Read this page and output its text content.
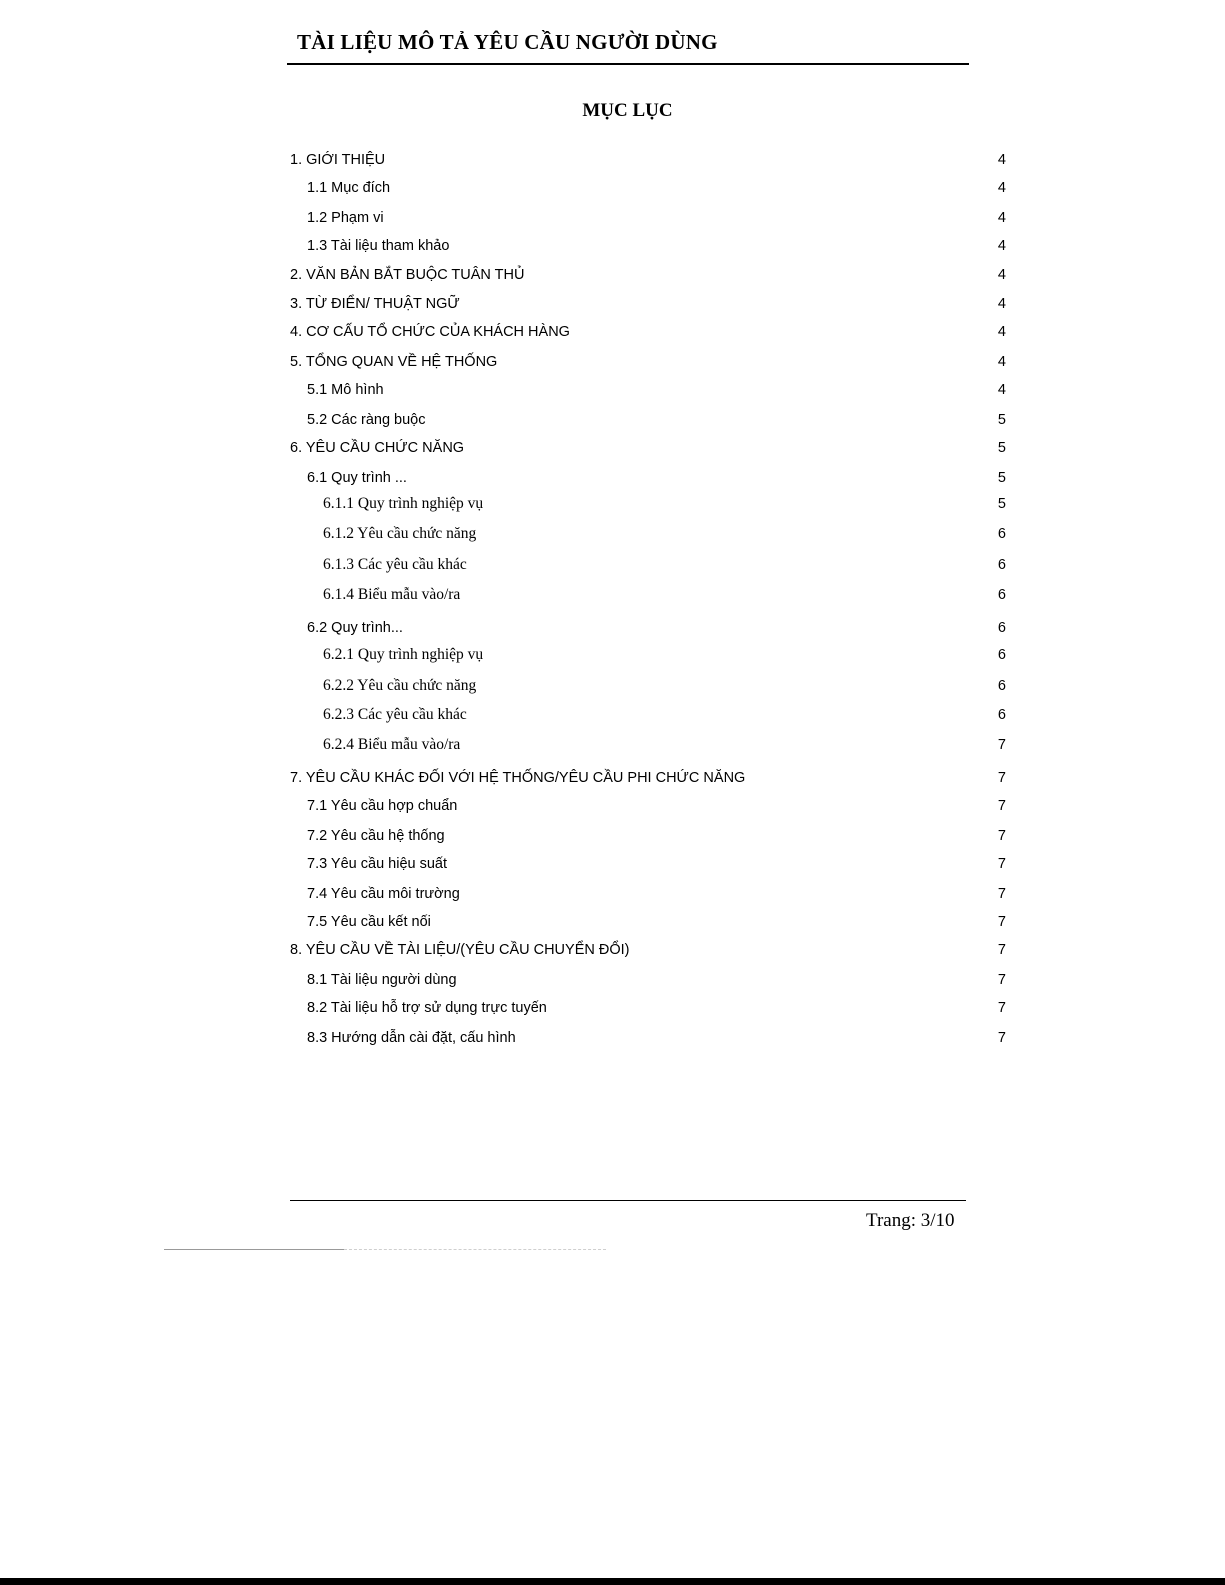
TÀI LIỆU MÔ TẢ YÊU CẦU NGƯỜI DÙNG
MỤC LỤC
1. GIỚI THIỆU	4
1.1 Mục đích	4
1.2 Phạm vi	4
1.3 Tài liệu tham khảo	4
2. VĂN BẢN BẮT BUỘC TUÂN THỦ	4
3. TỪ ĐIỂN/ THUẬT NGỮ	4
4. CƠ CẤU TỔ CHỨC CỦA KHÁCH HÀNG	4
5. TỔNG QUAN VỀ HỆ THỐNG	4
5.1 Mô hình	4
5.2 Các ràng buộc	5
6. YÊU CẦU CHỨC NĂNG	5
6.1 Quy trình ...	5
6.1.1 Quy trình nghiệp vụ	5
6.1.2 Yêu cầu chức năng	6
6.1.3 Các yêu cầu khác	6
6.1.4 Biểu mẫu vào/ra	6
6.2 Quy trình...	6
6.2.1 Quy trình nghiệp vụ	6
6.2.2 Yêu cầu chức năng	6
6.2.3 Các yêu cầu khác	6
6.2.4 Biểu mẫu vào/ra	7
7. YÊU CẦU KHÁC ĐỐI VỚI HỆ THỐNG/YÊU CẦU PHI CHỨC NĂNG	7
7.1 Yêu cầu hợp chuẩn	7
7.2 Yêu cầu hệ thống	7
7.3 Yêu cầu hiệu suất	7
7.4 Yêu cầu môi trường	7
7.5 Yêu cầu kết nối	7
8. YÊU CẦU VỀ TÀI LIỆU/(YÊU CẦU CHUYỂN ĐỔI)	7
8.1 Tài liệu người dùng	7
8.2 Tài liệu hỗ trợ sử dụng trực tuyến	7
8.3 Hướng dẫn cài đặt, cấu hình	7
Trang: 3/10
